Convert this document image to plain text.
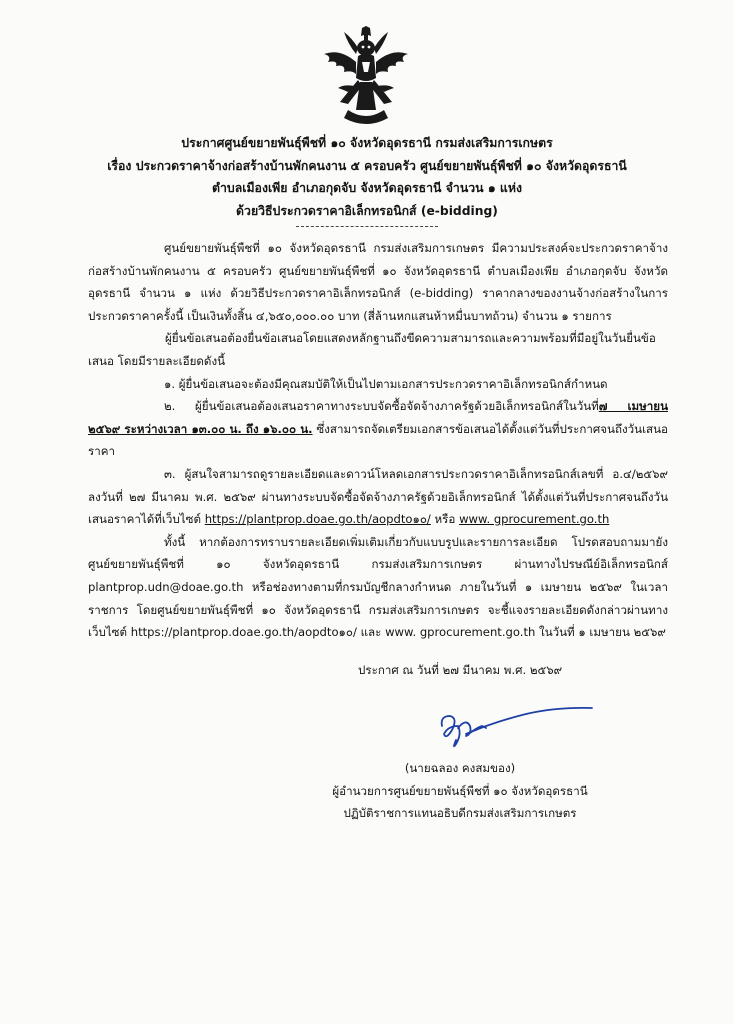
ประกาศศูนย์ขยายพันธุ์พืชที่ ๑๐ จังหวัดอุดรธานี กรมส่งเสริมการเกษตร
เรื่อง ประกวดราคาจ้างก่อสร้างบ้านพักคนงาน ๕ ครอบครัว ศูนย์ขยายพันธุ์พืชที่ ๑๐ จังหวัดอุดรธานี
ตำบลเมืองเพีย อำเภอกุดจับ จังหวัดอุดรธานี จำนวน ๑ แห่ง
ด้วยวิธีประกวดราคาอิเล็กทรอนิกส์ (e-bidding)

ศูนย์ขยายพันธุ์พืชที่ ๑๐ จังหวัดอุดรธานี กรมส่งเสริมการเกษตร มีความประสงค์จะประกวดราคาจ้างก่อสร้างบ้านพักคนงาน ๕ ครอบครัว ศูนย์ขยายพันธุ์พืชที่ ๑๐ จังหวัดอุดรธานี ตำบลเมืองเพีย อำเภอกุดจับ จังหวัดอุดรธานี จำนวน ๑ แห่ง ด้วยวิธีประกวดราคาอิเล็กทรอนิกส์ (e-bidding) ราคากลางของงานจ้างก่อสร้างในการประกวดราคาครั้งนี้ เป็นเงินทั้งสิ้น ๔,๖๕๐,๐๐๐.๐๐ บาท (สี่ล้านหกแสนห้าหมื่นบาทถ้วน) จำนวน ๑ รายการ

ผู้ยื่นข้อเสนอต้องยื่นข้อเสนอโดยแสดงหลักฐานถึงขีดความสามารถและความพร้อมที่มีอยู่ในวันยื่นข้อเสนอ โดยมีรายละเอียดดังนี้

๑. ผู้ยื่นข้อเสนอจะต้องมีคุณสมบัติให้เป็นไปตามเอกสารประกวดราคาอิเล็กทรอนิกส์กำหนด

๒. ผู้ยื่นข้อเสนอต้องเสนอราคาทางระบบจัดซื้อจัดจ้างภาครัฐด้วยอิเล็กทรอนิกส์ในวันที่๗ เมษายน ๒๕๖๙ ระหว่างเวลา ๑๓.๐๐ น. ถึง ๑๖.๐๐ น. ซึ่งสามารถจัดเตรียมเอกสารข้อเสนอได้ตั้งแต่วันที่ประกาศจนถึงวันเสนอราคา

๓. ผู้สนใจสามารถดูรายละเอียดและดาวน์โหลดเอกสารประกวดราคาอิเล็กทรอนิกส์เลขที่ อ.๔/๒๕๖๙ ลงวันที่ ๒๗ มีนาคม พ.ศ. ๒๕๖๙ ผ่านทางระบบจัดซื้อจัดจ้างภาครัฐด้วยอิเล็กทรอนิกส์ ได้ตั้งแต่วันที่ประกาศจนถึงวันเสนอราคาได้ที่เว็บไซต์ https://plantprop.doae.go.th/aopdto๑๐/ หรือ www. gprocurement.go.th

ทั้งนี้ หากต้องการทราบรายละเอียดเพิ่มเติมเกี่ยวกับแบบรูปและรายการละเอียด โปรดสอบถามมายังศูนย์ขยายพันธุ์พืชที่ ๑๐ จังหวัดอุดรธานี กรมส่งเสริมการเกษตร ผ่านทางไปรษณีย์อิเล็กทรอนิกส์ plantprop.udn@doae.go.th หรือช่องทางตามที่กรมบัญชีกลางกำหนด ภายในวันที่ ๑ เมษายน ๒๕๖๙ ในเวลาราชการ โดยศูนย์ขยายพันธุ์พืชที่ ๑๐ จังหวัดอุดรธานี กรมส่งเสริมการเกษตร จะชี้แจงรายละเอียดดังกล่าวผ่านทางเว็บไซต์ https://plantprop.doae.go.th/aopdto๑๐/ และ www. gprocurement.go.th ในวันที่ ๑ เมษายน ๒๕๖๙

ประกาศ ณ วันที่ ๒๗ มีนาคม พ.ศ. ๒๕๖๙
(นายฉลอง คงสมของ)
ผู้อำนวยการศูนย์ขยายพันธุ์พืชที่ ๑๐ จังหวัดอุดรธานี
ปฏิบัติราชการแทนอธิบดีกรมส่งเสริมการเกษตร
